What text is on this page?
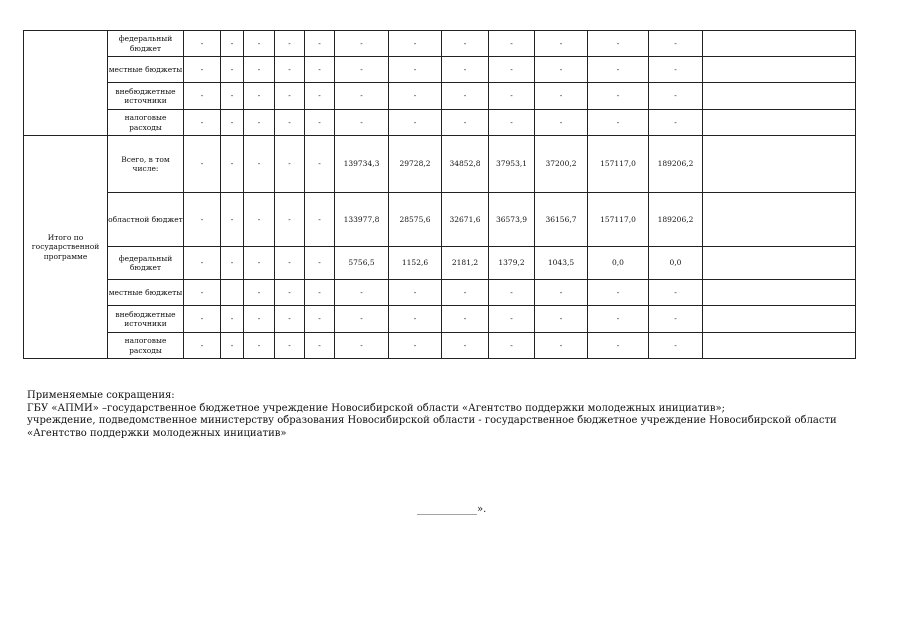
	федеральный бюджет	-	-	-	-	-	-	-	-	-	-	-	-	
	местные бюджеты	-	-	-	-	-	-	-	-	-	-	-	-	
	внебюджетные источники	-	-	-	-	-	-	-	-	-	-	-	-	
	налоговые расходы	-	-	-	-	-	-	-	-	-	-	-	-	
Итого по государственной программе	Всего, в том числе:	-	-	-	-	-	139734,3	29728,2	34852,8	37953,1	37200,2	157117,0	189206,2	
	областной бюджет	-	-	-	-	-	133977,8	28575,6	32671,6	36573,9	36156,7	157117,0	189206,2	
	федеральный бюджет	-	-	-	-	-	5756,5	1152,6	2181,2	1379,2	1043,5	0,0	0,0	
	местные бюджеты	-		-	-	-	-	-	-	-	-	-	-	
	внебюджетные источники	-	-	-	-	-	-	-	-	-	-	-	-	
	налоговые расходы	-	-	-	-	-	-	-	-	-	-	-	-	

Применяемые сокращения:

ГБУ «АПМИ» –государственное бюджетное учреждение Новосибирской области «Агентство поддержки молодежных инициатив»;

учреждение, подведомственное министерству образования Новосибирской области - государственное бюджетное учреждение Новосибирской области «Агентство поддержки молодежных инициатив»

____________».
